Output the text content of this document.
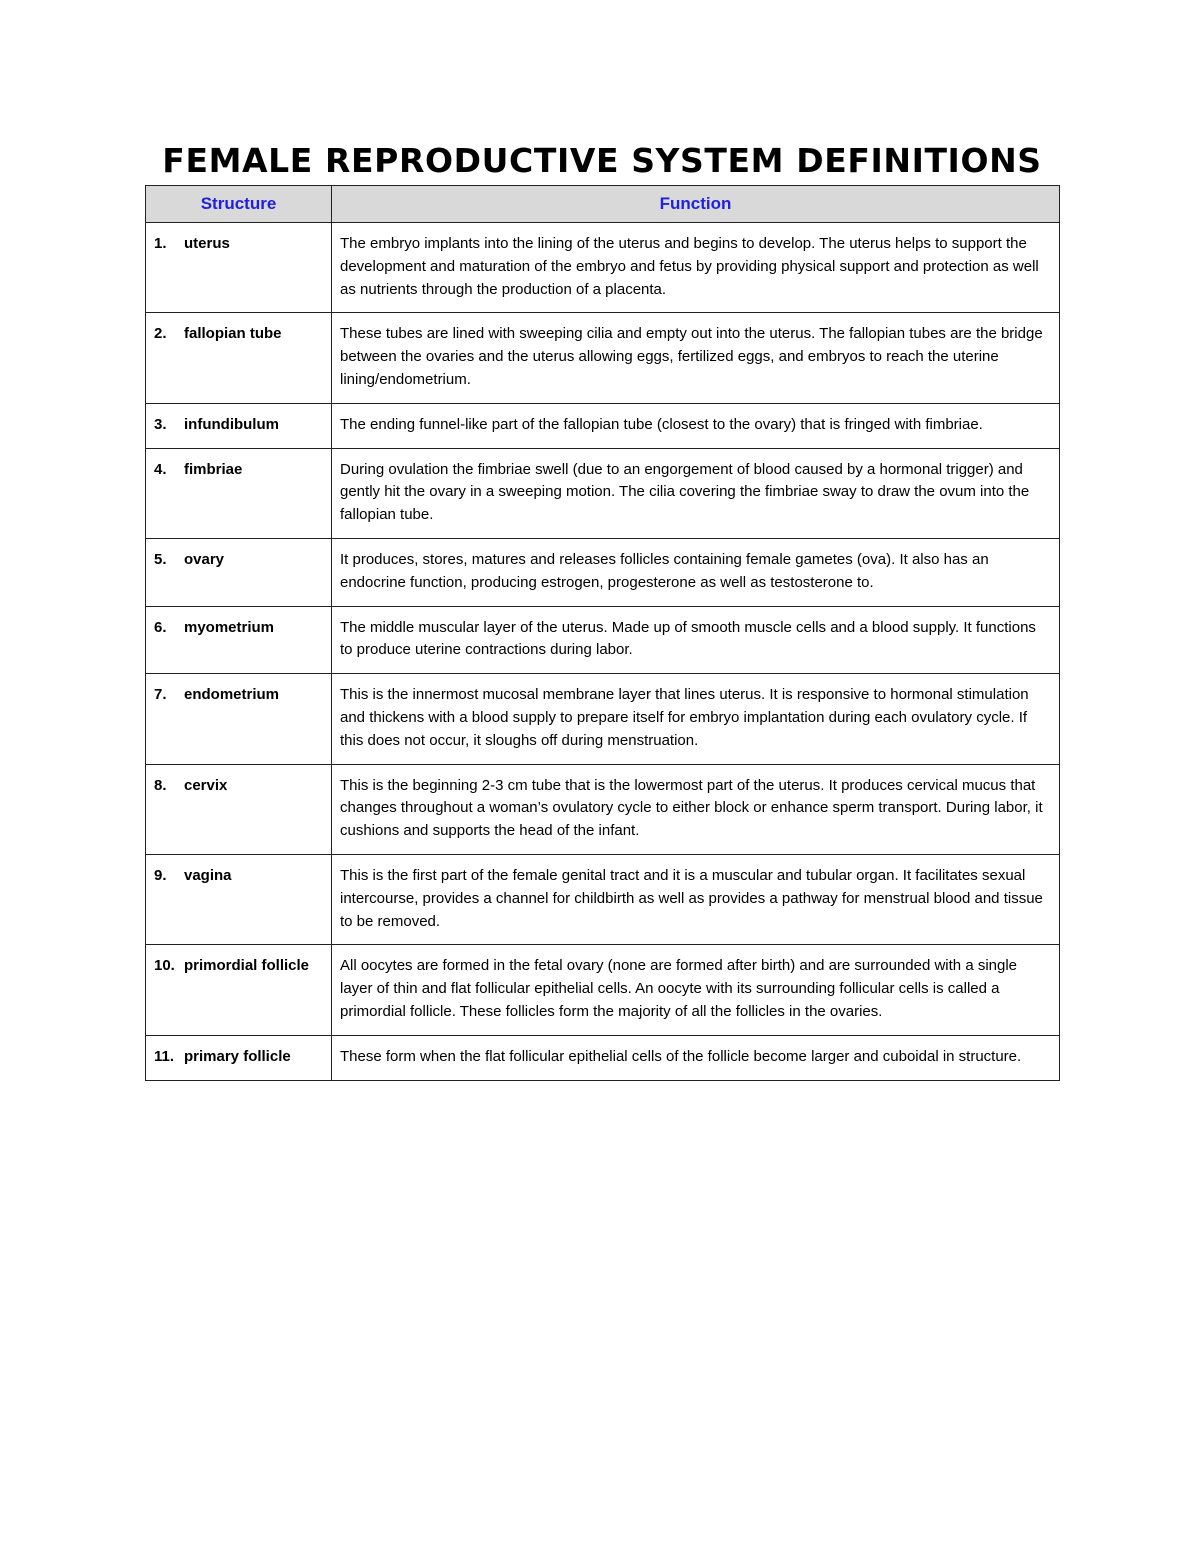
FEMALE REPRODUCTIVE SYSTEM DEFINITIONS
Structure	Function

1. uterus	The embryo implants into the lining of the uterus and begins to develop. The uterus helps to support the development and maturation of the embryo and fetus by providing physical support and protection as well as nutrients through the production of a placenta.

2. fallopian tube	These tubes are lined with sweeping cilia and empty out into the uterus. The fallopian tubes are the bridge between the ovaries and the uterus allowing eggs, fertilized eggs, and embryos to reach the uterine lining/endometrium.

3. infundibulum	The ending funnel-like part of the fallopian tube (closest to the ovary) that is fringed with fimbriae.

4. fimbriae	During ovulation the fimbriae swell (due to an engorgement of blood caused by a hormonal trigger) and gently hit the ovary in a sweeping motion. The cilia covering the fimbriae sway to draw the ovum into the fallopian tube.

5. ovary	It produces, stores, matures and releases follicles containing female gametes (ova). It also has an endocrine function, producing estrogen, progesterone as well as testosterone to.

6. myometrium	The middle muscular layer of the uterus. Made up of smooth muscle cells and a blood supply. It functions to produce uterine contractions during labor.

7. endometrium	This is the innermost mucosal membrane layer that lines uterus. It is responsive to hormonal stimulation and thickens with a blood supply to prepare itself for embryo implantation during each ovulatory cycle. If this does not occur, it sloughs off during menstruation.

8. cervix	This is the beginning 2-3 cm tube that is the lowermost part of the uterus. It produces cervical mucus that changes throughout a woman’s ovulatory cycle to either block or enhance sperm transport. During labor, it cushions and supports the head of the infant.

9. vagina	This is the first part of the female genital tract and it is a muscular and tubular organ. It facilitates sexual intercourse, provides a channel for childbirth as well as provides a pathway for menstrual blood and tissue to be removed.

10. primordial follicle	All oocytes are formed in the fetal ovary (none are formed after birth) and are surrounded with a single layer of thin and flat follicular epithelial cells. An oocyte with its surrounding follicular cells is called a primordial follicle. These follicles form the majority of all the follicles in the ovaries.

11. primary follicle	These form when the flat follicular epithelial cells of the follicle become larger and cuboidal in structure.
